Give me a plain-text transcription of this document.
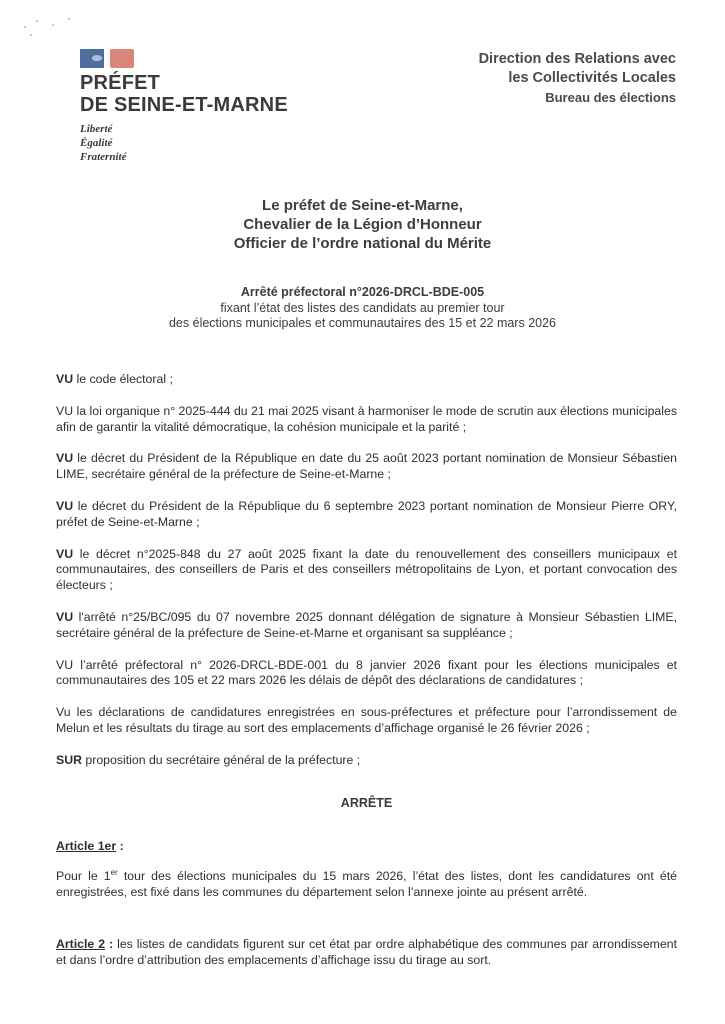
PRÉFET
DE SEINE-ET-MARNE
Liberté
Égalité
Fraternité
Direction des Relations avec
les Collectivités Locales
Bureau des élections
Le préfet de Seine-et-Marne,
Chevalier de la Légion d’Honneur
Officier de l’ordre national du Mérite
Arrêté préfectoral n°2026-DRCL-BDE-005
fixant l’état des listes des candidats au premier tour
des élections municipales et communautaires des 15 et 22 mars 2026

VU le code électoral ;

VU la loi organique n° 2025-444 du 21 mai 2025 visant à harmoniser le mode de scrutin aux élections municipales afin de garantir la vitalité démocratique, la cohésion municipale et la parité ;

VU le décret du Président de la République en date du 25 août 2023 portant nomination de Monsieur Sébastien LIME, secrétaire général de la préfecture de Seine-et-Marne ;

VU le décret du Président de la République du 6 septembre 2023 portant nomination de Monsieur Pierre ORY, préfet de Seine-et-Marne ;

VU le décret n°2025-848 du 27 août 2025 fixant la date du renouvellement des conseillers municipaux et communautaires, des conseillers de Paris et des conseillers métropolitains de Lyon, et portant convocation des électeurs ;

VU l'arrêté n°25/BC/095 du 07 novembre 2025 donnant délégation de signature à Monsieur Sébastien LIME, secrétaire général de la préfecture de Seine-et-Marne et organisant sa suppléance ;

VU l’arrêté préfectoral n° 2026-DRCL-BDE-001 du 8 janvier 2026 fixant pour les élections municipales et communautaires des 105 et 22 mars 2026 les délais de dépôt des déclarations de candidatures ;

Vu les déclarations de candidatures enregistrées en sous-préfectures et préfecture pour l’arrondissement de Melun et les résultats du tirage au sort des emplacements d’affichage organisé le 26 février 2026 ;

SUR proposition du secrétaire général de la préfecture ;

ARRÊTE

Article 1er :

Pour le 1er tour des élections municipales du 15 mars 2026, l’état des listes, dont les candidatures ont été enregistrées, est fixé dans les communes du département selon l’annexe jointe au présent arrêté.

Article 2 : les listes de candidats figurent sur cet état par ordre alphabétique des communes par arrondissement et dans l’ordre d’attribution des emplacements d’affichage issu du tirage au sort.
